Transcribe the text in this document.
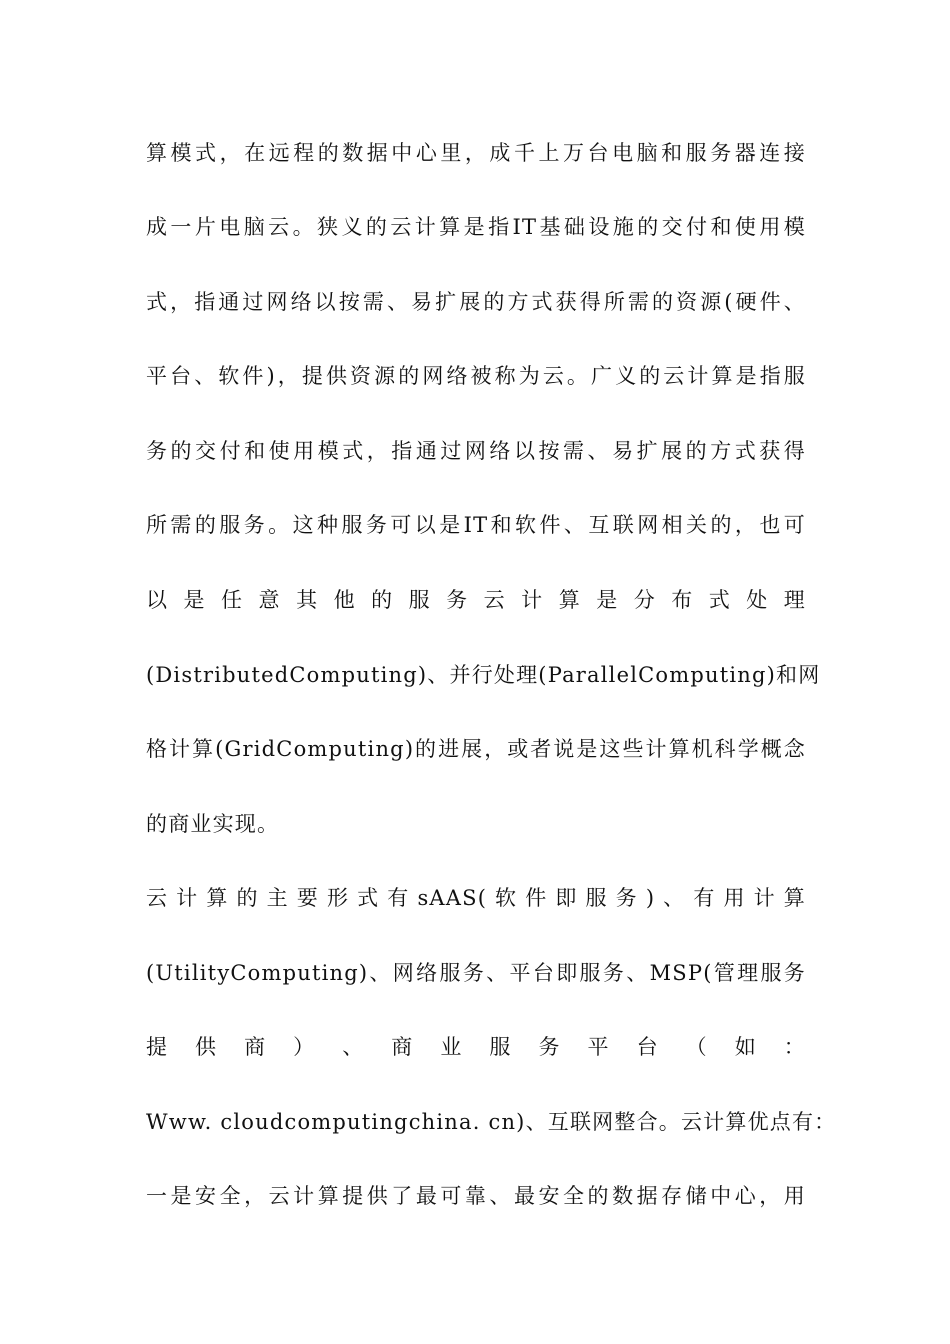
算模式，在远程的数据中心里，成千上万台电脑和服务器连接
成一片电脑云。狭义的云计算是指IT基础设施的交付和使用模
式，指通过网络以按需、易扩展的方式获得所需的资源(硬件、
平台、软件)，提供资源的网络被称为云。广义的云计算是指服
务的交付和使用模式，指通过网络以按需、易扩展的方式获得
所需的服务。这种服务可以是IT和软件、互联网相关的，也可
以 是 任 意 其 他 的 服 务 云 计 算 是 分 布 式 处 理
(DistributedComputing)、并行处理(ParallelComputing)和网
格计算(GridComputing)的进展，或者说是这些计算机科学概念
的商业实现。
云 计 算 的 主 要 形 式 有 sAAS( 软 件 即 服 务 ) 、 有 用 计 算
(UtilityComputing)、网络服务、平台即服务、MSP(管理服务
提 供 商 ） 、 商 业 服 务 平 台 （ 如 ：
Www. cloudcomputingchina. cn)、互联网整合。云计算优点有：
一是安全，云计算提供了最可靠、最安全的数据存储中心，用
